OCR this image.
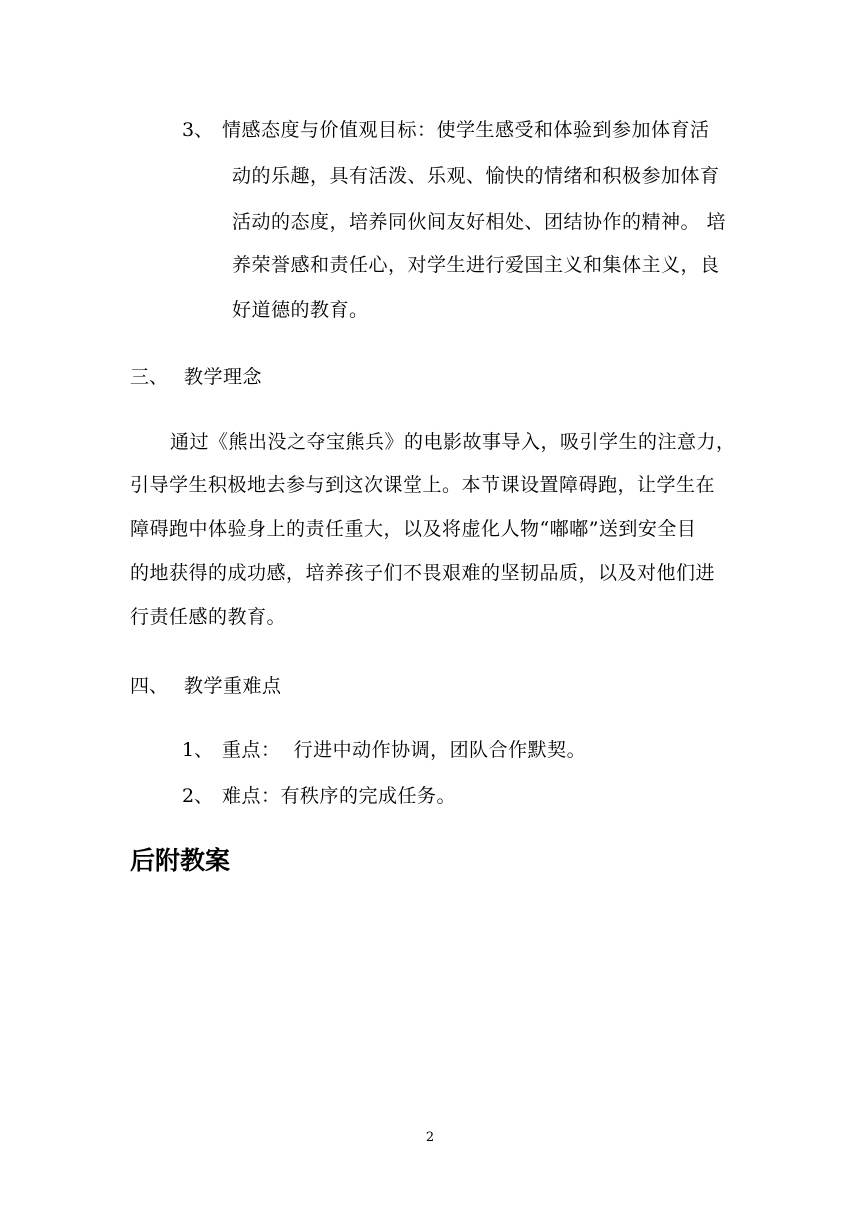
3、 情感态度与价值观目标：使学生感受和体验到参加体育活
动的乐趣，具有活泼、乐观、愉快的情绪和积极参加体育
活动的态度，培养同伙间友好相处、团结协作的精神。 培
养荣誉感和责任心，对学生进行爱国主义和集体主义，良
好道德的教育。
三、 教学理念
通过《熊出没之夺宝熊兵》的电影故事导入，吸引学生的注意力，
引导学生积极地去参与到这次课堂上。本节课设置障碍跑，让学生在
障碍跑中体验身上的责任重大，以及将虚化人物“嘟嘟”送到安全目
的地获得的成功感，培养孩子们不畏艰难的坚韧品质，以及对他们进
行责任感的教育。
四、 教学重难点
1、 重点：  行进中动作协调，团队合作默契。
2、 难点：有秩序的完成任务。
后附教案
2
